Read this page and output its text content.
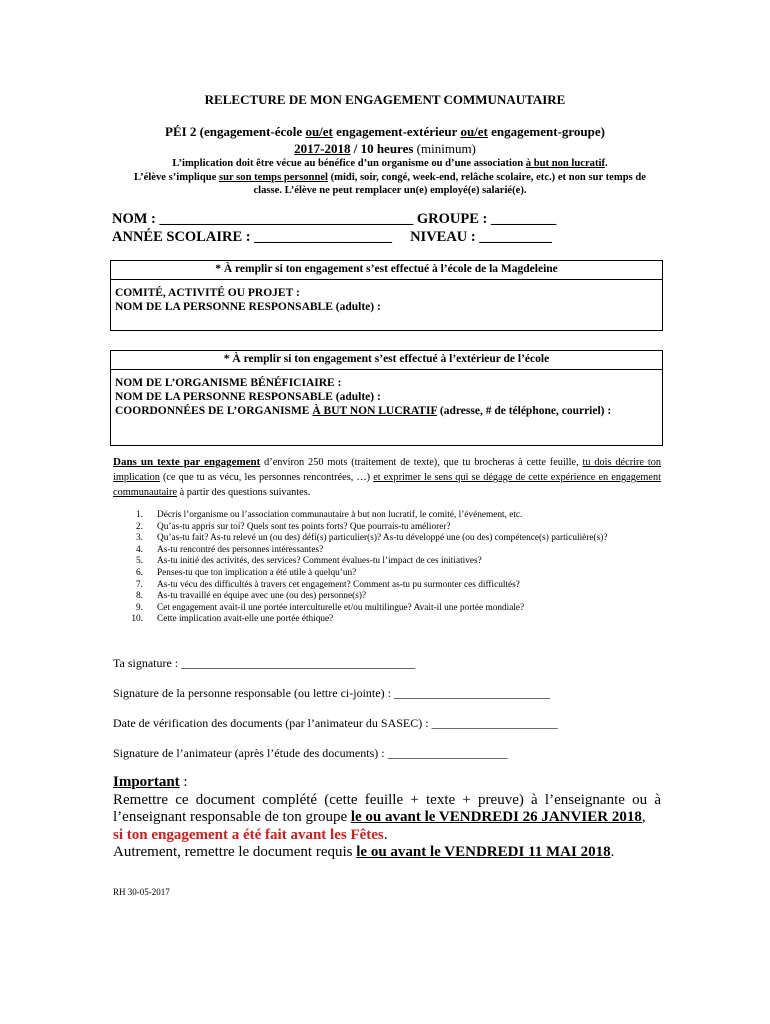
RELECTURE DE MON ENGAGEMENT COMMUNAUTAIRE
PÉI 2 (engagement-école ou/et engagement-extérieur ou/et engagement-groupe)
2017-2018 / 10 heures (minimum)
L’implication doit être vécue au bénéfice d’un organisme ou d’une association à but non lucratif.
L’élève s’implique sur son temps personnel (midi, soir, congé, week-end, relâche scolaire, etc.) et non sur temps de classe. L’élève ne peut remplacer un(e) employé(e) salarié(e).
NOM : ___________________________________ GROUPE : _________
ANNÉE SCOLAIRE : ___________________     NIVEAU : __________
* À remplir si ton engagement s’est effectué à l’école de la Magdeleine
COMITÉ, ACTIVITÉ OU PROJET :
NOM DE LA PERSONNE RESPONSABLE (adulte) :
* À remplir si ton engagement s’est effectué à l’extérieur de l’école
NOM DE L’ORGANISME BÉNÉFICIAIRE :
NOM DE LA PERSONNE RESPONSABLE (adulte) :
COORDONNÉES DE L’ORGANISME À BUT NON LUCRATIF (adresse, # de téléphone, courriel) :
Dans un texte par engagement d’environ 250 mots (traitement de texte), que tu brocheras à cette feuille, tu dois décrire ton implication (ce que tu as vécu, les personnes rencontrées, …) et exprimer le sens qui se dégage de cette expérience en engagement communautaire à partir des questions suivantes.
1.	Décris l’organisme ou l’association communautaire à but non lucratif, le comité, l’événement, etc.
2.	Qu’as-tu appris sur toi? Quels sont tes points forts? Que pourrais-tu améliorer?
3.	Qu’as-tu fait? As-tu relevé un (ou des) défi(s) particulier(s)? As-tu développé une (ou des) compétence(s) particulière(s)?
4.	As-tu rencontré des personnes intéressantes?
5.	As-tu initié des activités, des services? Comment évalues-tu l’impact de ces initiatives?
6.	Penses-tu que ton implication a été utile à quelqu’un?
7.	As-tu vécu des difficultés à travers cet engagement? Comment as-tu pu surmonter ces difficultés?
8.	As-tu travaillé en équipe avec une (ou des) personne(s)?
9.	Cet engagement avait-il une portée interculturelle et/ou multilingue? Avait-il une portée mondiale?
10.	Cette implication avait-elle une portée éthique?
Ta signature : _______________________________________
Signature de la personne responsable (ou lettre ci-jointe) : __________________________
Date de vérification des documents (par l’animateur du SASEC) : _____________________
Signature de l’animateur (après l’étude des documents) : ____________________
Important :
Remettre ce document complété (cette feuille + texte + preuve) à l’enseignante ou à l’enseignant responsable de ton groupe le ou avant le VENDREDI 26 JANVIER 2018,
si ton engagement a été fait avant les Fêtes.
Autrement, remettre le document requis le ou avant le VENDREDI 11 MAI 2018.
RH 30-05-2017
